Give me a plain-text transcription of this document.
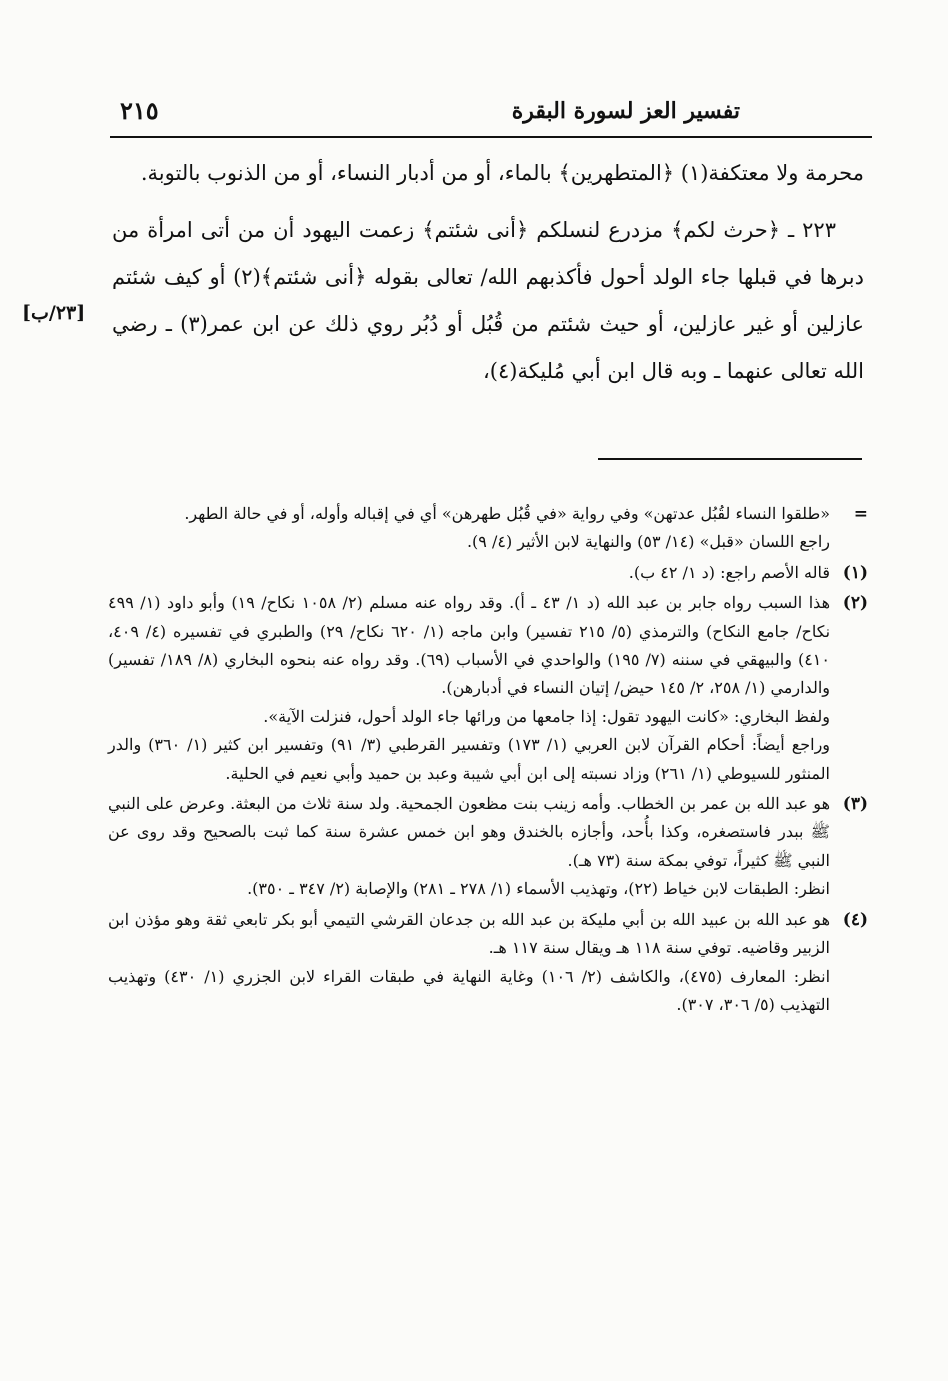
٢١٥	تفسير العز لسورة البقرة

محرمة ولا معتكفة(١) ﴿المتطهرين﴾ بالماء، أو من أدبار النساء، أو من الذنوب بالتوبة.

٢٢٣ ـ ﴿حرث لكم﴾ مزدرع لنسلكم ﴿أنى شئتم﴾ زعمت اليهود أن من أتى امرأة من دبرها في قبلها جاء الولد أحول فأكذبهم الله/ تعالى بقوله ﴿أنى شئتم﴾(٢) أو كيف شئتم عازلين أو غير عازلين، أو حيث شئتم من قُبُل أو دُبُر روي ذلك عن ابن عمر(٣) ـ رضي الله تعالى عنهما ـ وبه قال ابن أبي مُليكة(٤)،

[٢٣/ب]
=

«طلقوا النساء لقُبُل عدتهن» وفي رواية «في قُبُل طهرهن» أي في إقباله وأوله، أو في حالة الطهر.

راجع اللسان «قبل» (١٤/ ٥٣) والنهاية لابن الأثير (٤/ ٩).

(١)

قاله الأصم راجع: (د ١/ ٤٢ ب).

(٢)

هذا السبب رواه جابر بن عبد الله (د ١/ ٤٣ ـ أ). وقد رواه عنه مسلم (٢/ ١٠٥٨ نكاح/ ١٩) وأبو داود (١/ ٤٩٩ نكاح/ جامع النكاح) والترمذي (٥/ ٢١٥ تفسير) وابن ماجه (١/ ٦٢٠ نكاح/ ٢٩) والطبري في تفسيره (٤/ ٤٠٩، ٤١٠) والبيهقي في سننه (٧/ ١٩٥) والواحدي في الأسباب (٦٩). وقد رواه عنه بنحوه البخاري (٨/ ١٨٩/ تفسير) والدارمي (١/ ٢٥٨، ٢/ ١٤٥ حيض/ إتيان النساء في أدبارهن).

ولفظ البخاري: «كانت اليهود تقول: إذا جامعها من ورائها جاء الولد أحول، فنزلت الآية».

وراجع أيضاً: أحكام القرآن لابن العربي (١/ ١٧٣) وتفسير القرطبي (٣/ ٩١) وتفسير ابن كثير (١/ ٣٦٠) والدر المنثور للسيوطي (١/ ٢٦١) وزاد نسبته إلى ابن أبي شيبة وعبد بن حميد وأبي نعيم في الحلية.

(٣)

هو عبد الله بن عمر بن الخطاب. وأمه زينب بنت مظعون الجمحية. ولد سنة ثلاث من البعثة. وعرض على النبي ﷺ ببدر فاستصغره، وكذا بأُحد، وأجازه بالخندق وهو ابن خمس عشرة سنة كما ثبت بالصحيح وقد روى عن النبي ﷺ كثيراً، توفي بمكة سنة (٧٣ هـ).

انظر: الطبقات لابن خياط (٢٢)، وتهذيب الأسماء (١/ ٢٧٨ ـ ٢٨١) والإصابة (٢/ ٣٤٧ ـ ٣٥٠).

(٤)

هو عبد الله بن عبيد الله بن أبي مليكة بن عبد الله بن جدعان القرشي التيمي أبو بكر تابعي ثقة وهو مؤذن ابن الزبير وقاضيه. توفي سنة ١١٨ هـ ويقال سنة ١١٧ هـ.

انظر: المعارف (٤٧٥)، والكاشف (٢/ ١٠٦) وغاية النهاية في طبقات القراء لابن الجزري (١/ ٤٣٠) وتهذيب التهذيب (٥/ ٣٠٦، ٣٠٧).
